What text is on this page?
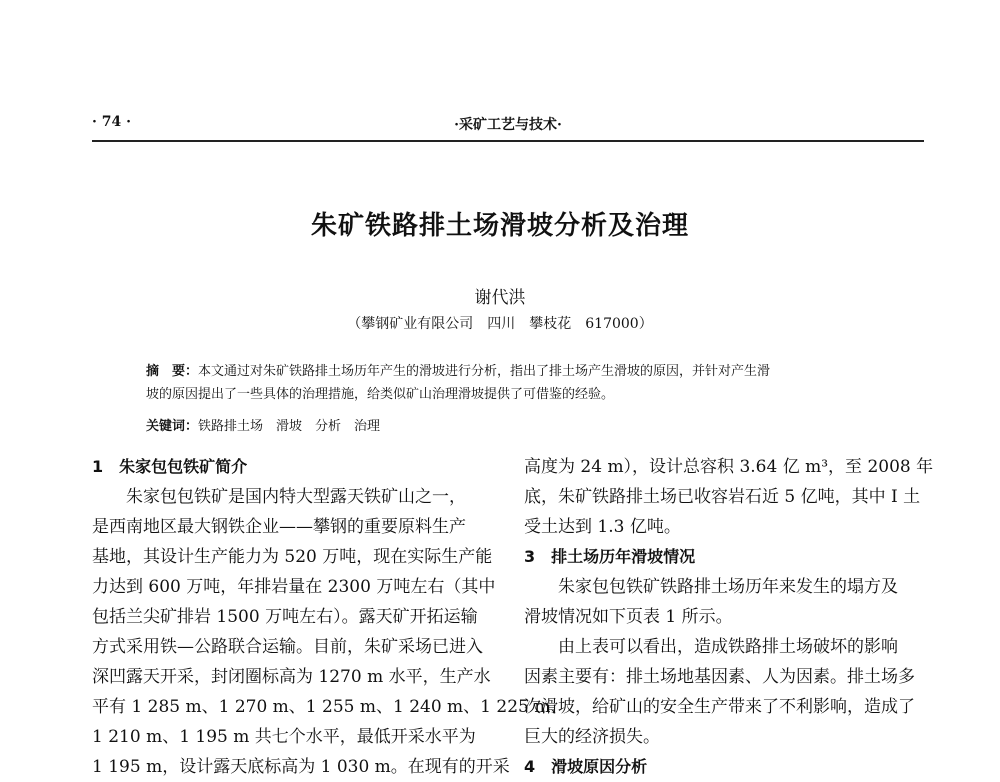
· 74 ·	·采矿工艺与技术·
朱矿铁路排土场滑坡分析及治理
谢代洪
（攀钢矿业有限公司　四川　攀枝花　617000）
摘　要：本文通过对朱矿铁路排土场历年产生的滑坡进行分析，指出了排土场产生滑坡的原因，并针对产生滑
坡的原因提出了一些具体的治理措施，给类似矿山治理滑坡提供了可借鉴的经验。
关键词：铁路排土场　滑坡　分析　治理
1　朱家包包铁矿简介
朱家包包铁矿是国内特大型露天铁矿山之一，
是西南地区最大钢铁企业——攀钢的重要原料生产
基地，其设计生产能力为 520 万吨，现在实际生产能
力达到 600 万吨，年排岩量在 2300 万吨左右（其中
包括兰尖矿排岩 1500 万吨左右）。露天矿开拓运输
方式采用铁—公路联合运输。目前，朱矿采场已进入
深凹露天开采，封闭圈标高为 1270 m 水平，生产水
平有 1 285 m、1 270 m、1 255 m、1 240 m、1 225 m、
1 210 m、1 195 m 共七个水平，最低开采水平为
1 195 m，设计露天底标高为 1 030 m。在现有的开采
高度为 24 m），设计总容积 3.64 亿 m³，至 2008 年
底，朱矿铁路排土场已收容岩石近 5 亿吨，其中 I 土
受土达到 1.3 亿吨。
3　排土场历年滑坡情况
朱家包包铁矿铁路排土场历年来发生的塌方及
滑坡情况如下页表 1 所示。
由上表可以看出，造成铁路排土场破坏的影响
因素主要有：排土场地基因素、人为因素。排土场多
次滑坡，给矿山的安全生产带来了不利影响，造成了
巨大的经济损失。
4　滑坡原因分析
